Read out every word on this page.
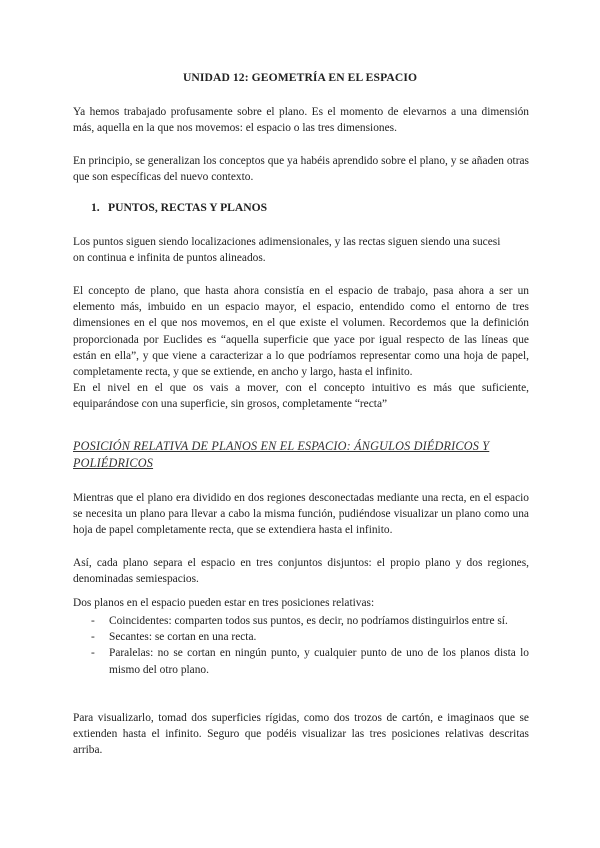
UNIDAD 12: GEOMETRÍA EN EL ESPACIO

Ya hemos trabajado profusamente sobre el plano. Es el momento de elevarnos a una dimensión más, aquella en la que nos movemos: el espacio o las tres dimensiones.

En principio, se generalizan los conceptos que ya habéis aprendido sobre el plano, y se añaden otras que son específicas del nuevo contexto.

1. PUNTOS, RECTAS Y PLANOS

Los puntos siguen siendo localizaciones adimensionales, y las rectas siguen siendo una sucesi

on continua e infinita de puntos alineados.

El concepto de plano, que hasta ahora consistía en el espacio de trabajo, pasa ahora a ser un elemento más, imbuido en un espacio mayor, el espacio, entendido como el entorno de tres dimensiones en el que nos movemos, en el que existe el volumen. Recordemos que la definición proporcionada por Euclides es “aquella superficie que yace por igual respecto de las líneas que están en ella”, y que viene a caracterizar a lo que podríamos representar como una hoja de papel, completamente recta, y que se extiende, en ancho y largo, hasta el infinito.

En el nivel en el que os vais a mover, con el concepto intuitivo es más que suficiente, equiparándose con una superficie, sin grosos, completamente “recta”

POSICIÓN RELATIVA DE PLANOS EN EL ESPACIO: ÁNGULOS DIÉDRICOS Y POLIÉDRICOS

Mientras que el plano era dividido en dos regiones desconectadas mediante una recta, en el espacio se necesita un plano para llevar a cabo la misma función, pudiéndose visualizar un plano como una hoja de papel completamente recta, que se extendiera hasta el infinito.

Así, cada plano separa el espacio en tres conjuntos disjuntos: el propio plano y dos regiones, denominadas semiespacios.

Dos planos en el espacio pueden estar en tres posiciones relativas:

- Coincidentes: comparten todos sus puntos, es decir, no podríamos distinguirlos entre sí.
- Secantes: se cortan en una recta.
- Paralelas: no se cortan en ningún punto, y cualquier punto de uno de los planos dista lo mismo del otro plano.

Para visualizarlo, tomad dos superficies rígidas, como dos trozos de cartón, e imaginaos que se extienden hasta el infinito. Seguro que podéis visualizar las tres posiciones relativas descritas arriba.
